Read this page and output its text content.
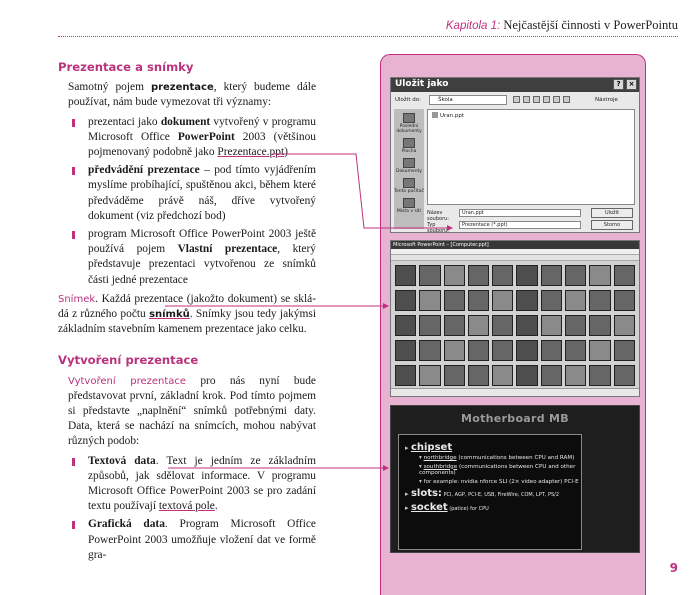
Kapitola 1: Nejčastější činnosti v PowerPointu
Prezentace a snímky

Samotný pojem prezentace, který budeme dále používat, nám bude vymezovat tři významy:

prezentaci jako dokument vytvořený v programu Microsoft Office PowerPoint 2003 (většinou pojmenovaný podobně jako Prezentace.ppt)
předvádění prezentace – pod tímto vyjádřením myslíme probíhající, spuštěnou akci, během které předváděme právě náš, dříve vytvořený dokument (viz předchozí bod)
program Microsoft Office PowerPoint 2003 ještě používá pojem Vlastní prezentace, který představuje prezentaci vytvořenou ze snímků části jedné prezentace

Snímek. Každá prezentace (jakožto dokument) se skládá z různého počtu snímků. Snímky jsou tedy jakýmsi základním stavebním kamenem prezentace jako celku.

Vytvoření prezentace

Vytvoření prezentace pro nás nyní bude představovat první, základní krok. Pod tímto pojmem si představte „naplnění“ snímků potřebnými daty. Data, která se nachází na snímcích, mohou nabývat různých podob:

Textová data. Text je jedním ze základním způsobů, jak sdělovat informace. V programu Microsoft Office PowerPoint 2003 se pro zadání textu používají textová pole.
Grafická data. Program Microsoft Office PowerPoint 2003 umožňuje vložení dat ve formě gra-
Uložit jako	?	×
Uložit do:	Škola	Nástroje
Poslední dokumenty
Plocha
Dokumenty
Tento počítač
Místa v síti
Uran.ppt
Název souboru:
Uran.ppt	Uložit
Typ souboru:
Prezentace (*.ppt)	Storno
Microsoft PowerPoint – [Computer.ppt]
Motherboard MB
▸ chipset
▾ northbridge (communications between CPU and RAM)
▾ southbridge (communications between CPU and other components)
▾ for example: nvidia nforce SLI (2× video adapter) PCI-E
▸ slots: PCI, AGP, PCI-E, USB, FireWire, COM, LPT, PS/2
▸ socket (patice) for CPU
9
